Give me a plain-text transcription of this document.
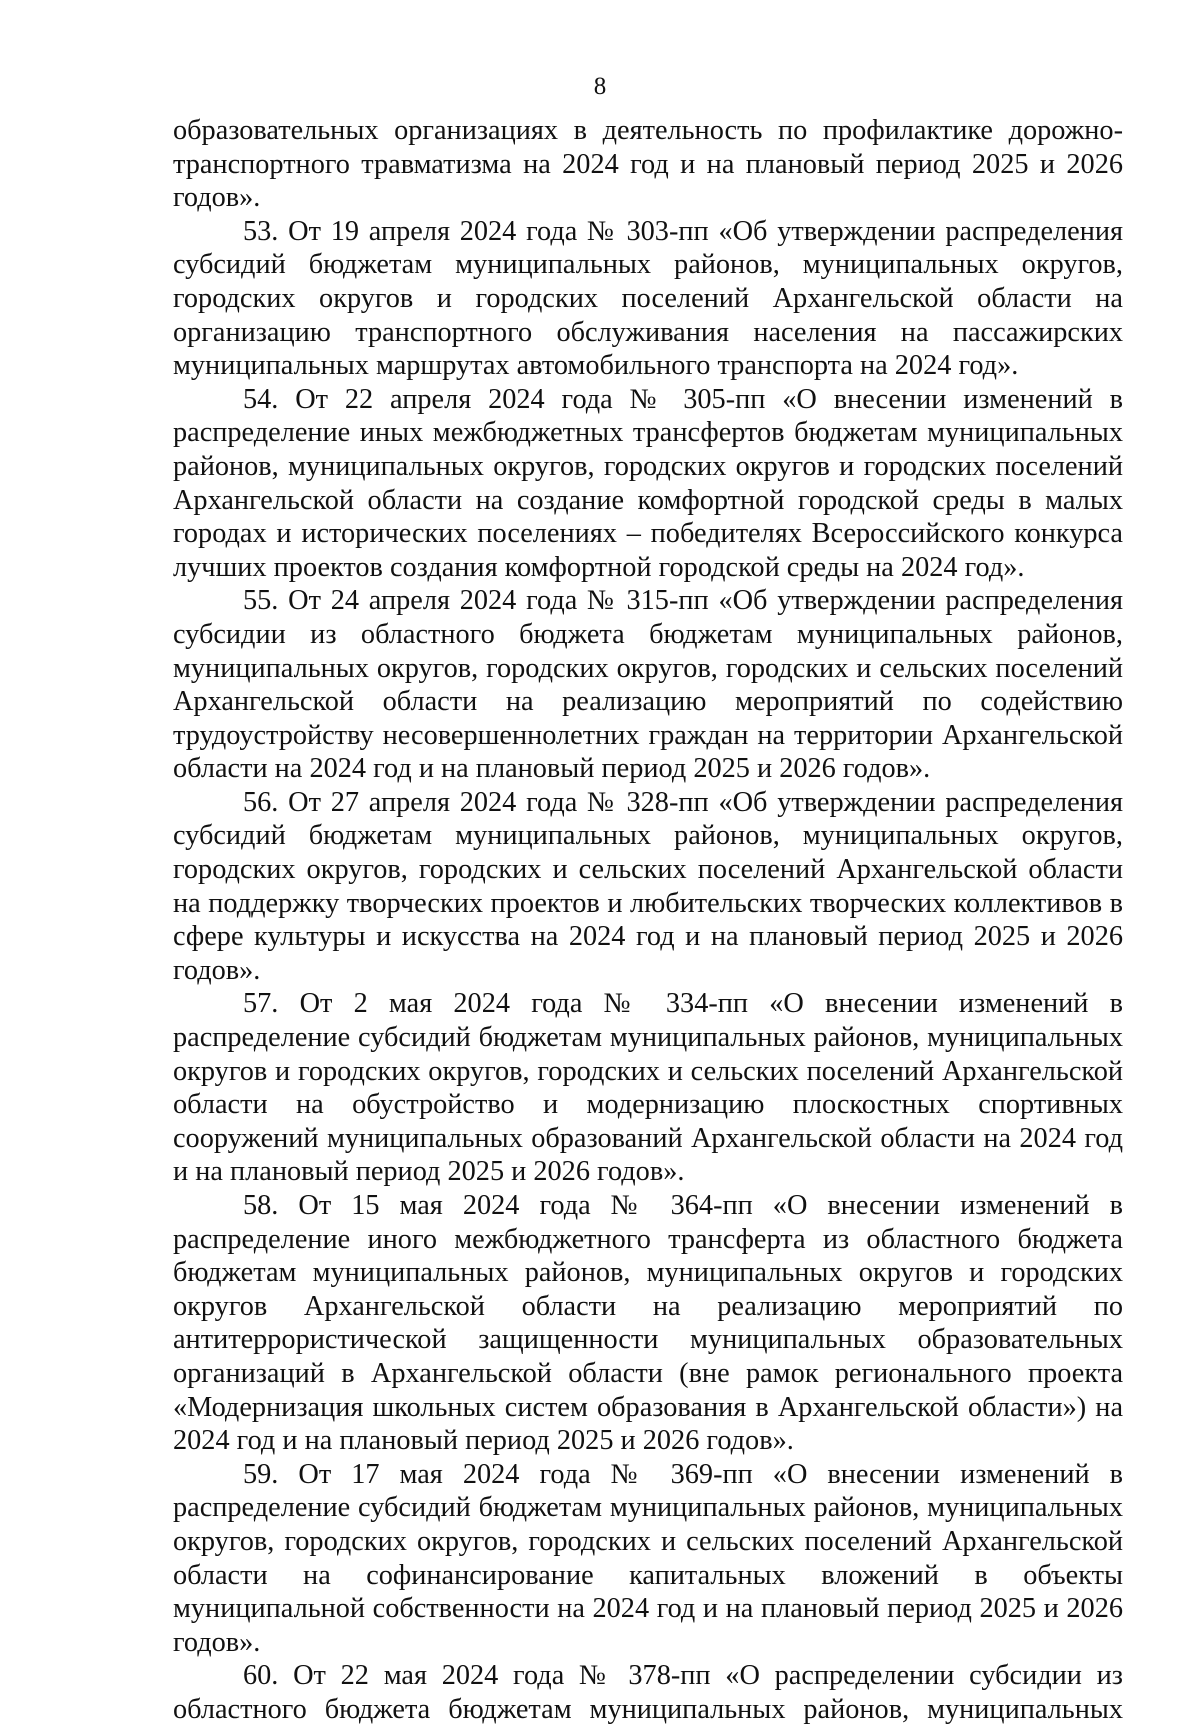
8

образовательных организациях в деятельность по профилактике дорожно-транспортного травматизма на 2024 год и на плановый период 2025 и 2026 годов».

53. От 19 апреля 2024 года № 303-пп «Об утверждении распределения субсидий бюджетам муниципальных районов, муниципальных округов, городских округов и городских поселений Архангельской области на организацию транспортного обслуживания населения на пассажирских муниципальных маршрутах автомобильного транспорта на 2024 год».

54. От 22 апреля 2024 года № 305-пп «О внесении изменений в распределение иных межбюджетных трансфертов бюджетам муниципальных районов, муниципальных округов, городских округов и городских поселений Архангельской области на создание комфортной городской среды в малых городах и исторических поселениях – победителях Всероссийского конкурса лучших проектов создания комфортной городской среды на 2024 год».

55. От 24 апреля 2024 года № 315-пп «Об утверждении распределения субсидии из областного бюджета бюджетам муниципальных районов, муниципальных округов, городских округов, городских и сельских поселений Архангельской области на реализацию мероприятий по содействию трудоустройству несовершеннолетних граждан на территории Архангельской области на 2024 год и на плановый период 2025 и 2026 годов».

56. От 27 апреля 2024 года № 328-пп «Об утверждении распределения субсидий бюджетам муниципальных районов, муниципальных округов, городских округов, городских и сельских поселений Архангельской области на поддержку творческих проектов и любительских творческих коллективов в сфере культуры и искусства на 2024 год и на плановый период 2025 и 2026 годов».

57. От 2 мая 2024 года № 334-пп «О внесении изменений в распределение субсидий бюджетам муниципальных районов, муниципальных округов и городских округов, городских и сельских поселений Архангельской области на обустройство и модернизацию плоскостных спортивных сооружений муниципальных образований Архангельской области на 2024 год и на плановый период 2025 и 2026 годов».

58. От 15 мая 2024 года № 364-пп «О внесении изменений в распределение иного межбюджетного трансферта из областного бюджета бюджетам муниципальных районов, муниципальных округов и городских округов Архангельской области на реализацию мероприятий по антитеррористической защищенности муниципальных образовательных организаций в Архангельской области (вне рамок регионального проекта «Модернизация школьных систем образования в Архангельской области») на 2024 год и на плановый период 2025 и 2026 годов».

59. От 17 мая 2024 года № 369-пп «О внесении изменений в распределение субсидий бюджетам муниципальных районов, муниципальных округов, городских округов, городских и сельских поселений Архангельской области на софинансирование капитальных вложений в объекты муниципальной собственности на 2024 год и на плановый период 2025 и 2026 годов».

60. От 22 мая 2024 года № 378-пп «О распределении субсидии из областного бюджета бюджетам муниципальных районов, муниципальных
